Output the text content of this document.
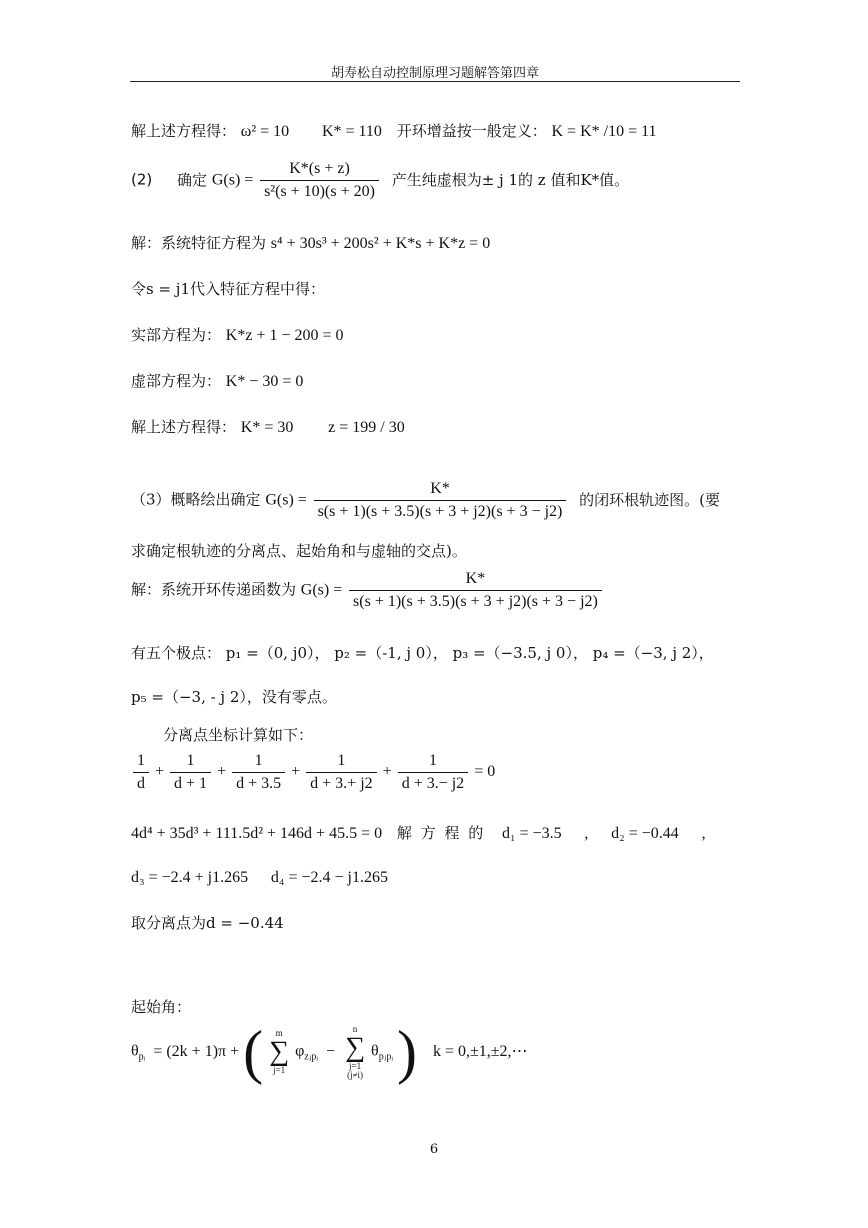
胡寿松自动控制原理习题解答第四章
解上述方程得： ω² = 10 K* = 110 开环增益按一般定义： K = K* /10 = 11
(2) 确定 $G(s) = \frac{K*(s + z)}{\text{s²(s + 10)(s + 20)}}$ 产生纯虚根为± j 1的 z 值和K*值。
解：系统特征方程为 s⁴ + 30s³ + 200s² + K*s + K*z = 0
令s = j1代入特征方程中得：
实部方程为： K*z + 1 − 200 = 0
虚部方程为： K* − 30 = 0
解上述方程得： K* = 30 z = 199 / 30
（3）概略绘出确定 $G(s) = \frac{K*}{s(s + 1)(s + 3.5)(s + 3 + j2)(s + 3 - j2)}$ 的闭环根轨迹图。(要
求确定根轨迹的分离点、起始角和与虚轴的交点)。
解：系统开环传递函数为 $G(s) = \frac{K*}{s(s + 1)(s + 3.5)(s + 3 + j2)(s + 3 - j2)}$
有五个极点： p₁ =（0, j0）， p₂ =（-1, j 0）， p₃ =（−3.5, j 0）， p₄ =（−3, j 2），
p₅ =（−3, - j 2），没有零点。
分离点坐标计算如下：
$\frac{1}{d} + \frac{1}{d + 1} + \frac{1}{d + 3.5} + \frac{1}{d + 3.+ j2} + \frac{1}{d + 3.- j2} = 0$
4d⁴ + 35d³ + 111.5d² + 146d + 45.5 = 0 解 方 程 的 d₁ = −3.5 , d₂ = −0.44 ,
d₃ = −2.4 + j1.265 d₄ = −2.4 − j1.265
取分离点为d = −0.44
起始角：
$\theta_{pᵢ} = (2k + 1)\pi$ + (	m
∑
j=1
$\varphi_{zⱼpᵢ}$ −
n
∑
j=1
(j≠i)
$\theta_{pⱼpᵢ}$ ) k = 0,±1,±2,⋯
6
